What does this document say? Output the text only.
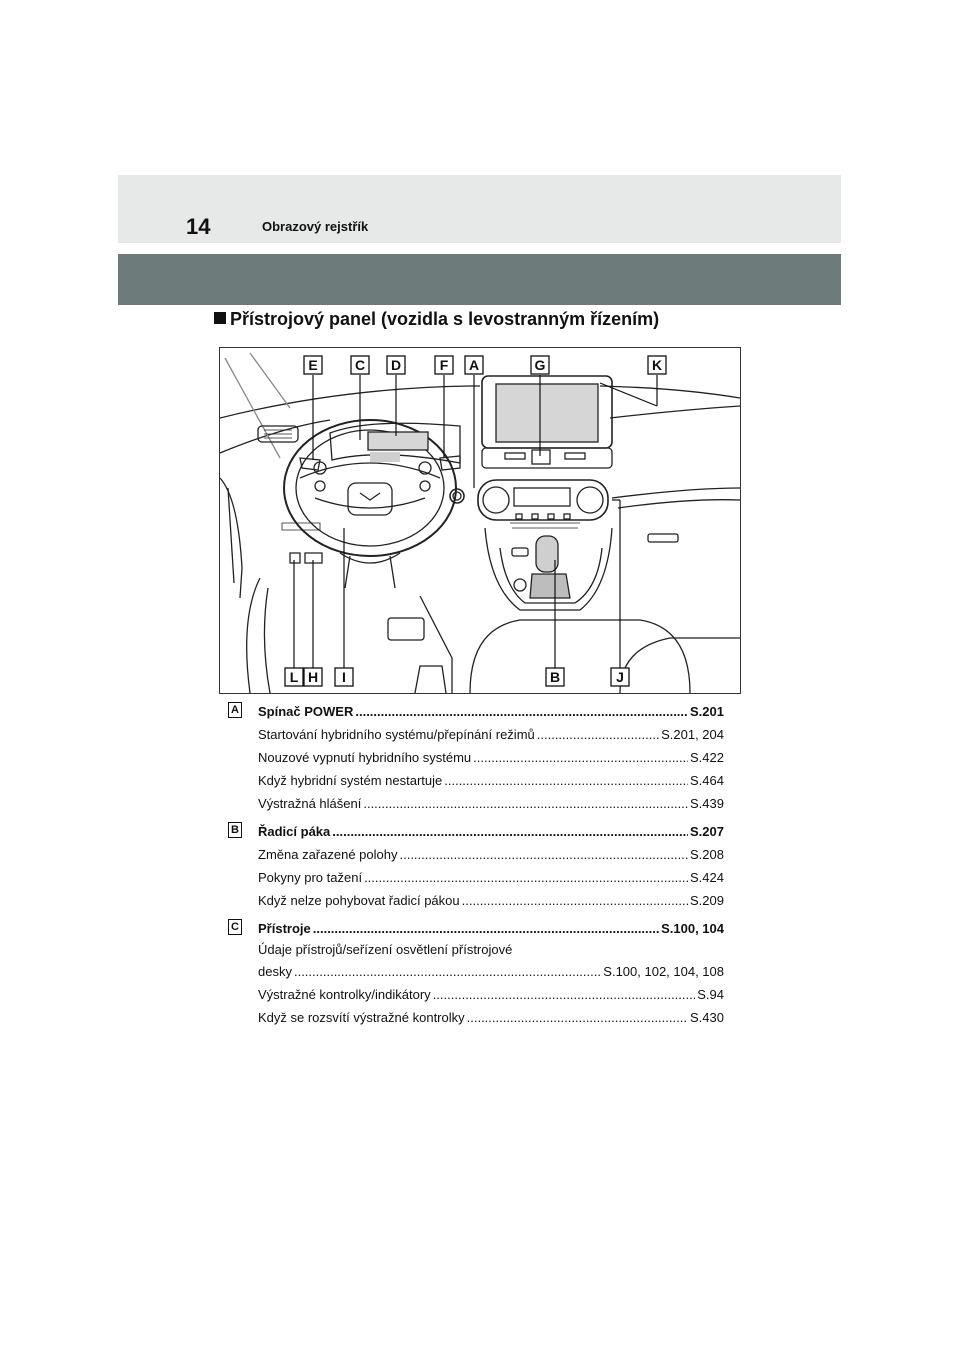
14	Obrazový rejstřík
Přístrojový panel (vozidla s levostranným řízením)
E	C D	F A	G	K
L H I	B	J
A Spínač POWER .....	S.201
Startování hybridního systému/přepínání režimů .....	S.201, 204
Nouzové vypnutí hybridního systému .....	S.422
Když hybridní systém nestartuje .....	S.464
Výstražná hlášení .....	S.439
B Řadicí páka .....	S.207
Změna zařazené polohy .....	S.208
Pokyny pro tažení .....	S.424
Když nelze pohybovat řadicí pákou .....	S.209
C Přístroje .....	S.100, 104
Údaje přístrojů/seřízení osvětlení přístrojové
desky .....	S.100, 102, 104, 108
Výstražné kontrolky/indikátory .....	S.94
Když se rozsvítí výstražné kontrolky .....	S.430
